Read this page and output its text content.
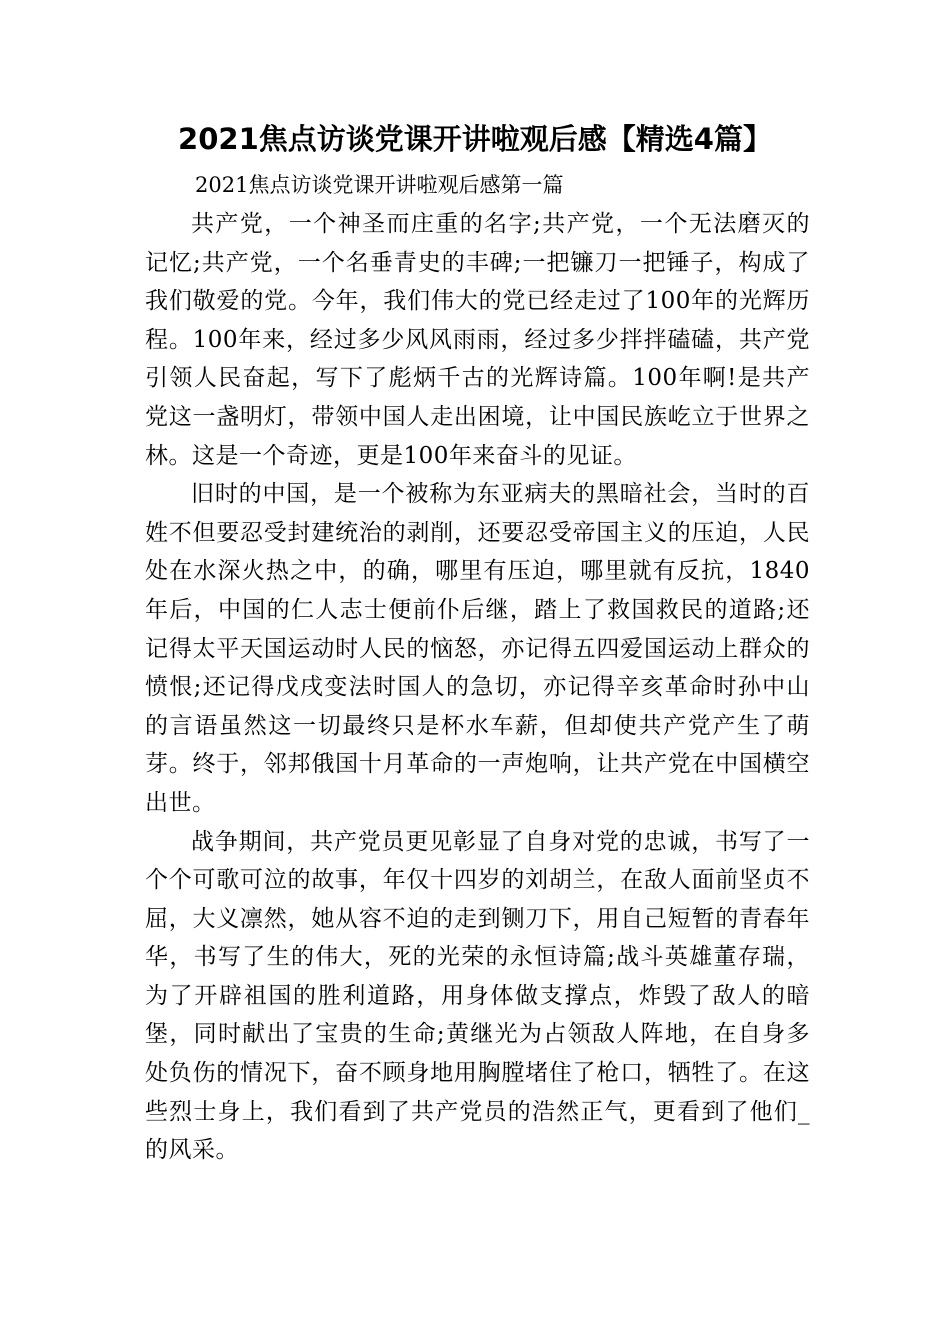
2021焦点访谈党课开讲啦观后感【精选4篇】
2021焦点访谈党课开讲啦观后感第一篇

共产党，一个神圣而庄重的名字;共产党，一个无法磨灭的记忆;共产党，一个名垂青史的丰碑;一把镰刀一把锤子，构成了我们敬爱的党。今年，我们伟大的党已经走过了100年的光辉历程。100年来，经过多少风风雨雨，经过多少拌拌磕磕，共产党引领人民奋起，写下了彪炳千古的光辉诗篇。100年啊!是共产党这一盏明灯，带领中国人走出困境，让中国民族屹立于世界之林。这是一个奇迹，更是100年来奋斗的见证。

旧时的中国，是一个被称为东亚病夫的黑暗社会，当时的百姓不但要忍受封建统治的剥削，还要忍受帝国主义的压迫，人民处在水深火热之中，的确，哪里有压迫，哪里就有反抗，1840年后，中国的仁人志士便前仆后继，踏上了救国救民的道路;还记得太平天国运动时人民的恼怒，亦记得五四爱国运动上群众的愤恨;还记得戊戌变法时国人的急切，亦记得辛亥革命时孙中山的言语虽然这一切最终只是杯水车薪，但却使共产党产生了萌芽。终于，邻邦俄国十月革命的一声炮响，让共产党在中国横空出世。

战争期间，共产党员更见彰显了自身对党的忠诚，书写了一个个可歌可泣的故事，年仅十四岁的刘胡兰，在敌人面前坚贞不屈，大义凛然，她从容不迫的走到铡刀下，用自己短暂的青春年华，书写了生的伟大，死的光荣的永恒诗篇;战斗英雄董存瑞，为了开辟祖国的胜利道路，用身体做支撑点，炸毁了敌人的暗堡，同时献出了宝贵的生命;黄继光为占领敌人阵地，在自身多处负伤的情况下，奋不顾身地用胸膛堵住了枪口，牺牲了。在这些烈士身上，我们看到了共产党员的浩然正气，更看到了他们_的风采。
